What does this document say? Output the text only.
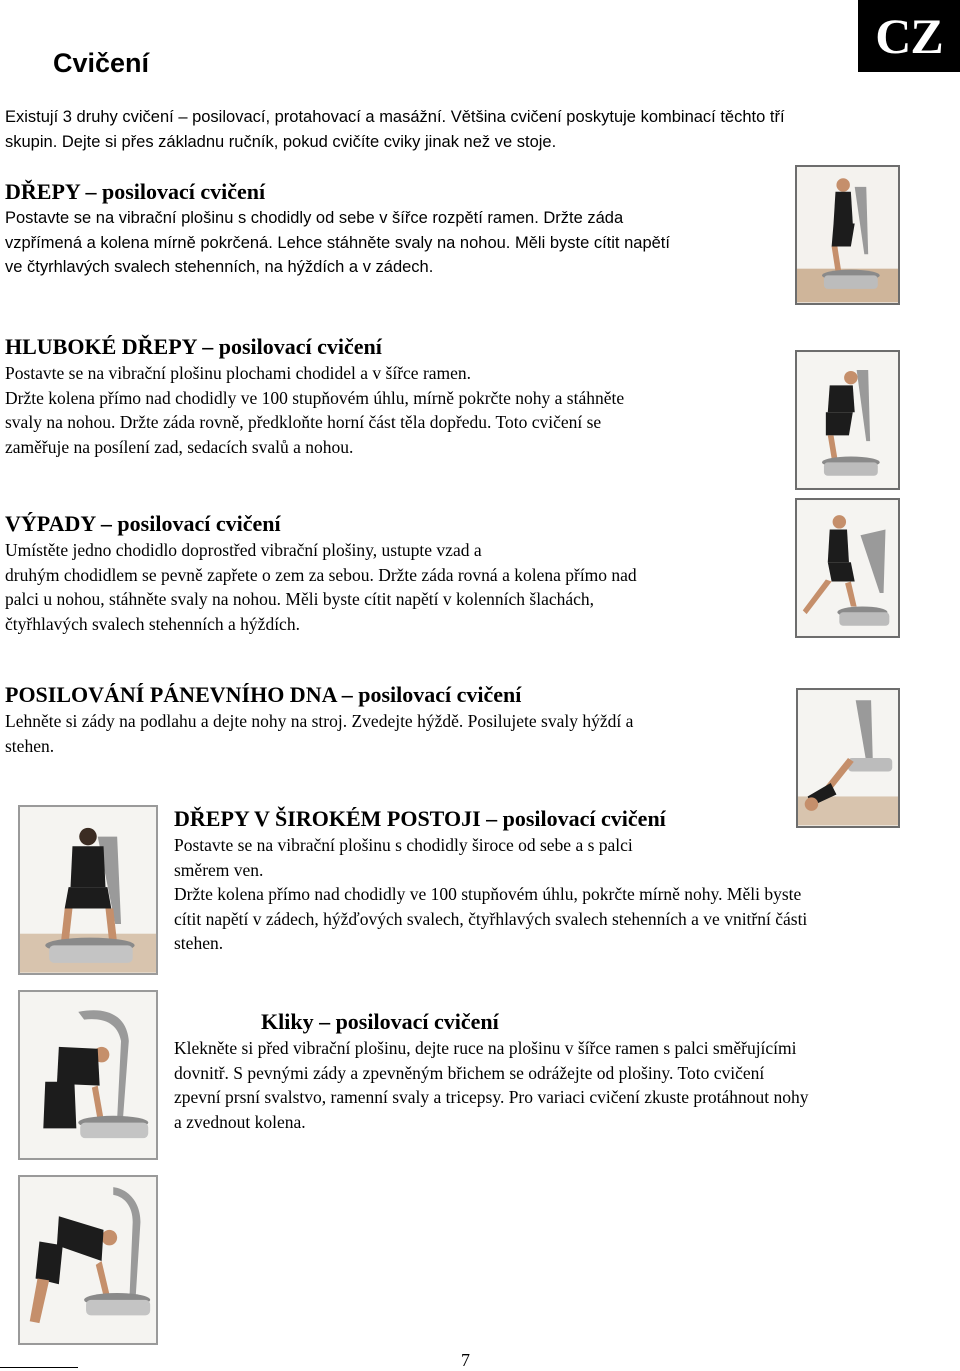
CZ
Cvičení

Existují 3 druhy cvičení – posilovací, protahovací a masážní. Většina cvičení poskytuje kombinací těchto tří

skupin. Dejte si přes základnu ručník, pokud cvičíte cviky jinak než ve stoje.

DŘEPY – posilovací cvičení

Postavte se na vibrační plošinu s chodidly od sebe v šířce rozpětí ramen. Držte záda

vzpřímená a kolena mírně pokrčená. Lehce stáhněte svaly na nohou. Měli byste cítit napětí

ve čtyrhlavých svalech stehenních, na hýždích a v zádech.

HLUBOKÉ DŘEPY – posilovací cvičení

Postavte se na vibrační plošinu plochami chodidel a v šířce ramen.

Držte kolena přímo nad chodidly ve 100 stupňovém úhlu, mírně pokrčte nohy a stáhněte

svaly na nohou. Držte záda rovně, předkloňte horní část těla dopředu. Toto cvičení se

zaměřuje na posílení zad, sedacích svalů a nohou.

VÝPADY – posilovací cvičení

Umístěte jedno chodidlo doprostřed vibrační plošiny, ustupte vzad a

druhým chodidlem se pevně zapřete o zem za sebou. Držte záda rovná a kolena přímo nad

palci u nohou, stáhněte svaly na nohou. Měli byste cítit napětí v kolenních šlachách,

čtyřhlavých svalech stehenních a hýždích.

POSILOVÁNÍ PÁNEVNÍHO DNA – posilovací cvičení

Lehněte si zády na podlahu a dejte nohy na stroj. Zvedejte hýždě. Posilujete svaly hýždí a

stehen.

DŘEPY V ŠIROKÉM POSTOJI – posilovací cvičení

Postavte se na vibrační plošinu s chodidly široce od sebe a s palci

směrem ven.

Držte kolena přímo nad chodidly ve 100 stupňovém úhlu, pokrčte mírně nohy. Měli byste

cítit napětí v zádech, hýžďových svalech, čtyřhlavých svalech stehenních a ve vnitřní části

stehen.

Kliky – posilovací cvičení

Klekněte si před vibrační plošinu, dejte ruce na plošinu v šířce ramen s palci směřujícími

dovnitř. S pevnými zády a zpevněným břichem se odrážejte od plošiny. Toto cvičení

zpevní prsní svalstvo, ramenní svaly a tricepsy. Pro variaci cvičení zkuste protáhnout nohy

a zvednout kolena.

7
